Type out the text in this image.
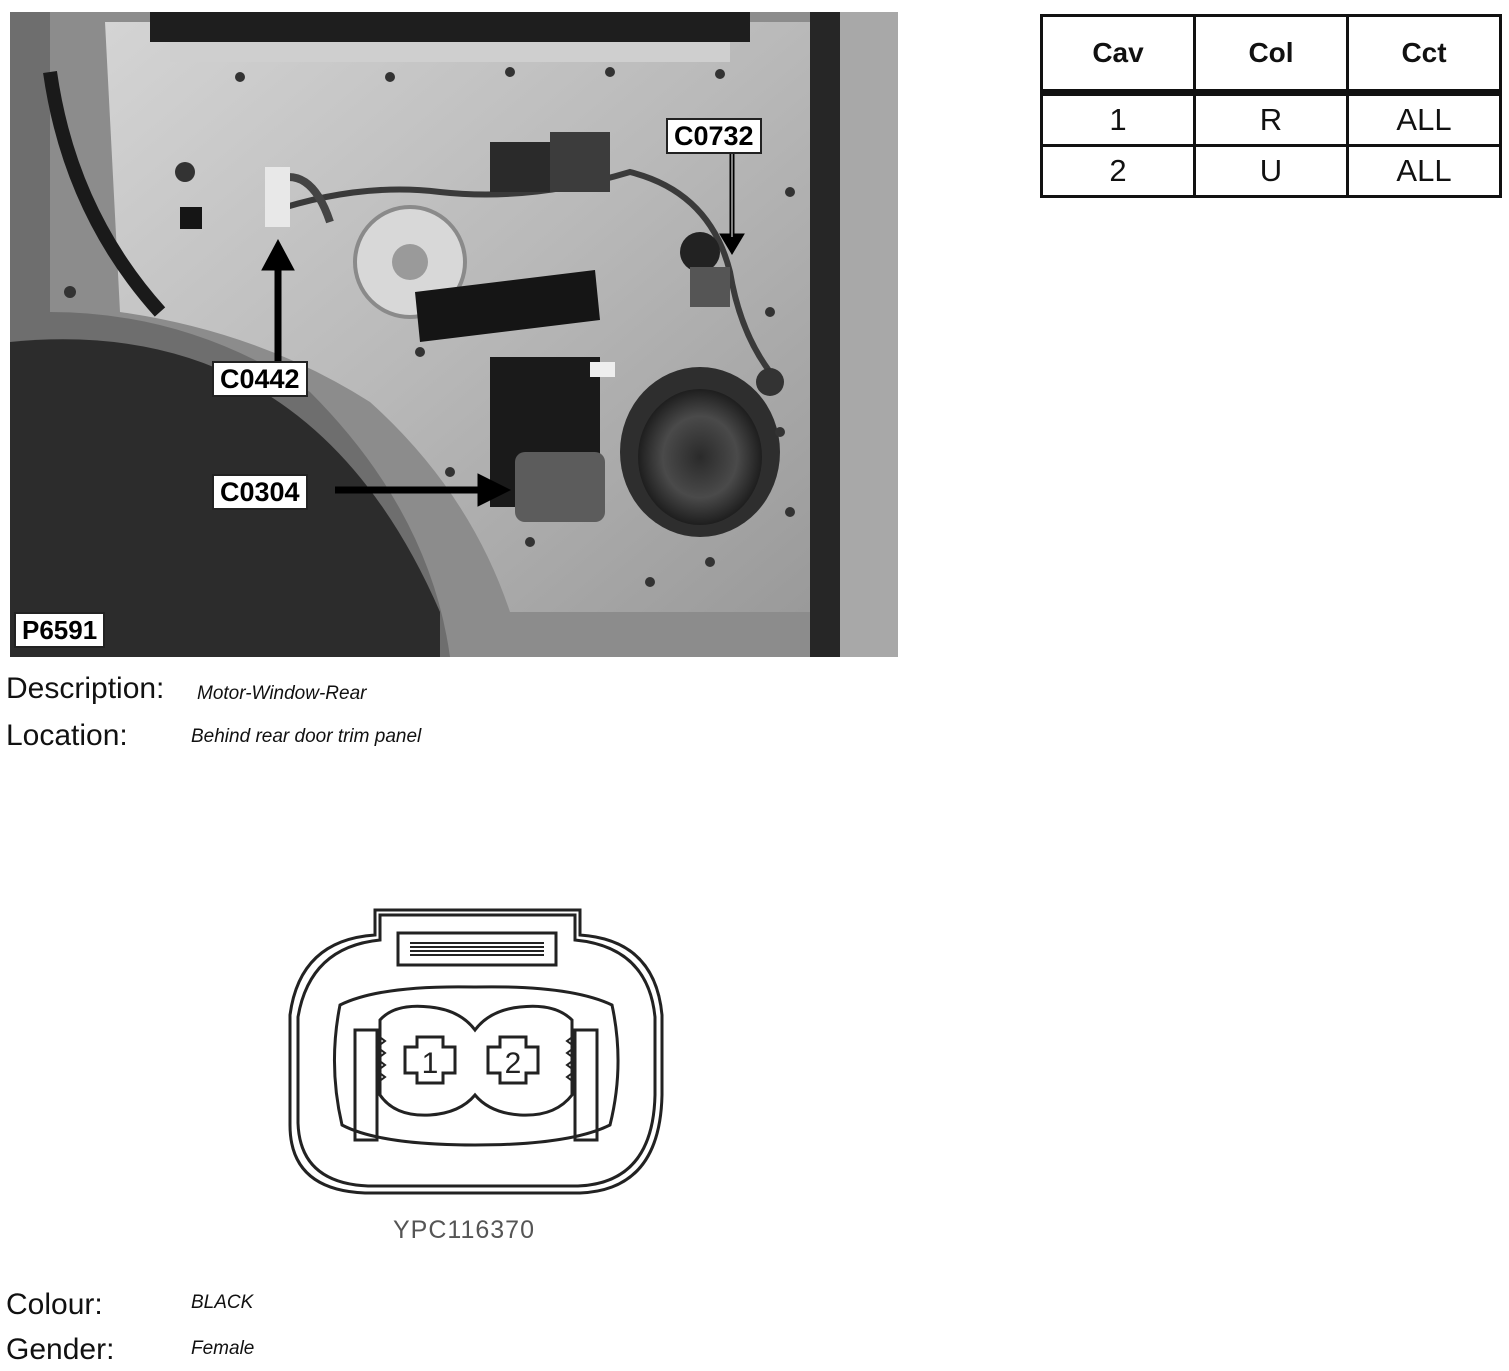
C0732
C0442
C0304
P6591
Cav	Col	Cct
1	R	ALL
2	U	ALL
Description: Motor-Window-Rear
Location:	Behind rear door trim panel
1 2
YPC116370
Colour:	BLACK
Gender:	Female
